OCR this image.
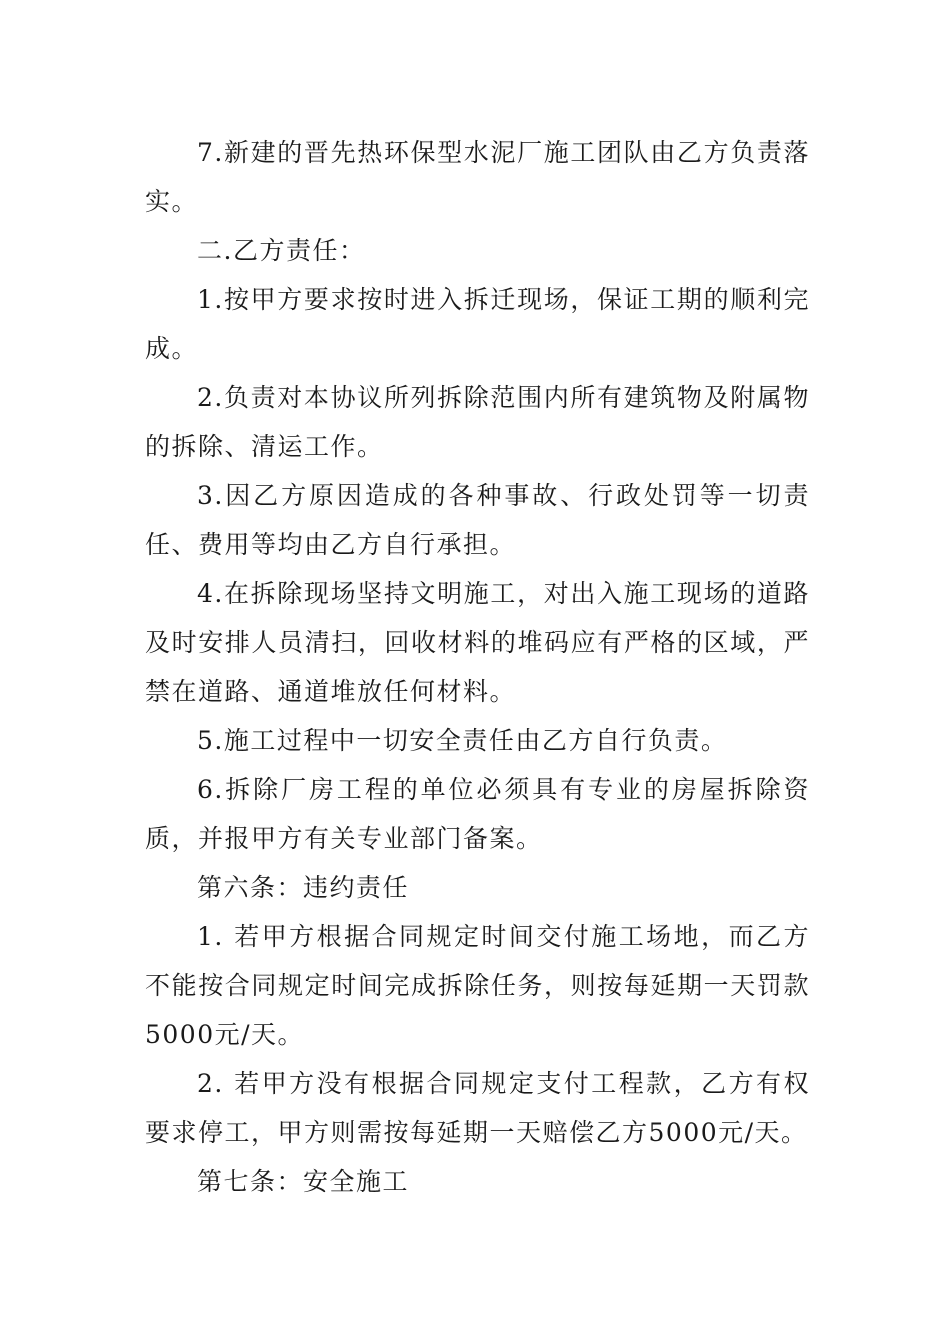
7.新建的晋先热环保型水泥厂施工团队由乙方负责落实。

二.乙方责任：

1.按甲方要求按时进入拆迁现场，保证工期的顺利完成。

2.负责对本协议所列拆除范围内所有建筑物及附属物的拆除、清运工作。

3.因乙方原因造成的各种事故、行政处罚等一切责任、费用等均由乙方自行承担。

4.在拆除现场坚持文明施工，对出入施工现场的道路及时安排人员清扫，回收材料的堆码应有严格的区域，严禁在道路、通道堆放任何材料。

5.施工过程中一切安全责任由乙方自行负责。

6.拆除厂房工程的单位必须具有专业的房屋拆除资质，并报甲方有关专业部门备案。

第六条：违约责任

1. 若甲方根据合同规定时间交付施工场地，而乙方不能按合同规定时间完成拆除任务，则按每延期一天罚款5000元/天。

2. 若甲方没有根据合同规定支付工程款，乙方有权要求停工，甲方则需按每延期一天赔偿乙方5000元/天。

第七条：安全施工
